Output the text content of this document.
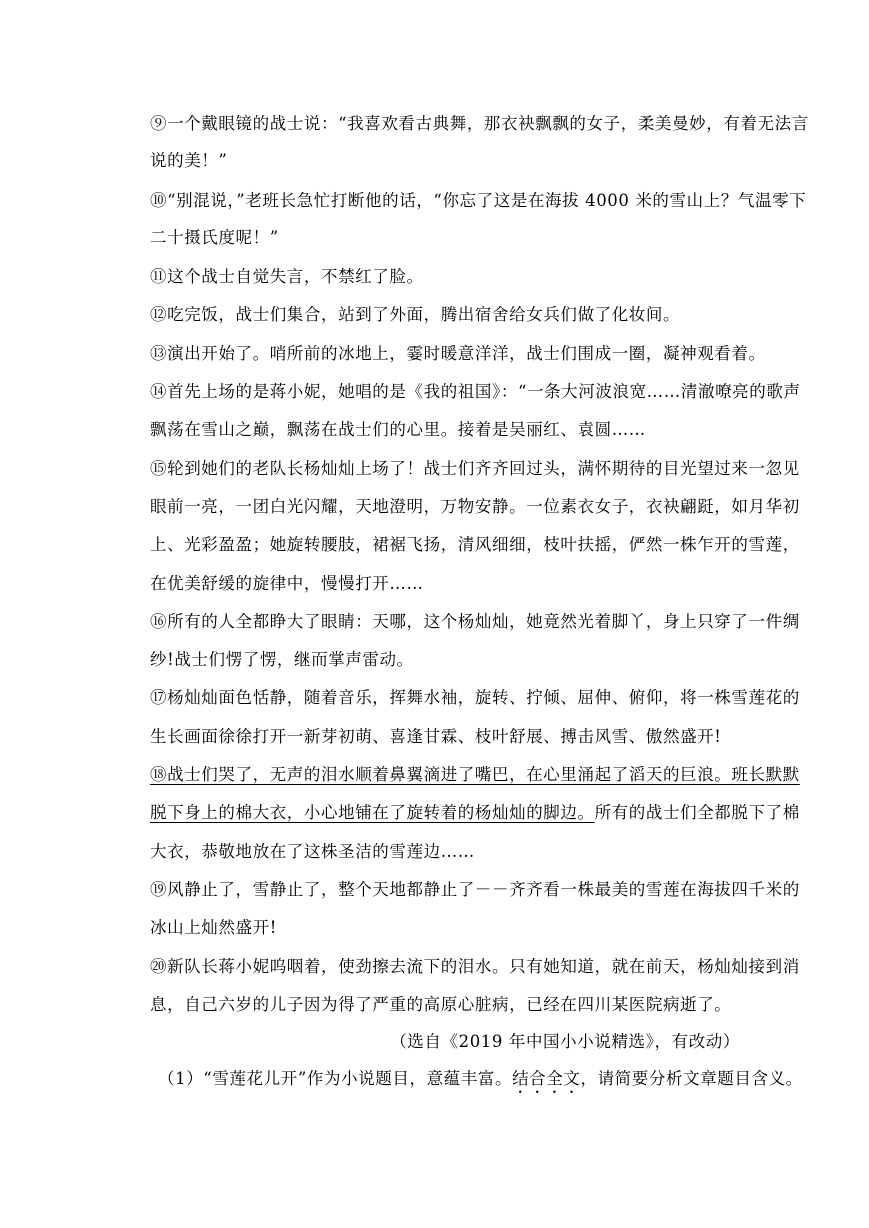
⑨一个戴眼镜的战士说：“我喜欢看古典舞，那衣袂飘飘的女子，柔美曼妙，有着无法言
说的美！”
⑩“别混说，”老班长急忙打断他的话，“你忘了这是在海拔 4000 米的雪山上？气温零下
二十摄氏度呢！”
⑪这个战士自觉失言，不禁红了脸。
⑫吃完饭，战士们集合，站到了外面，腾出宿舍给女兵们做了化妆间。
⑬演出开始了。哨所前的冰地上，霎时暖意洋洋，战士们围成一圈，凝神观看着。
⑭首先上场的是蒋小妮，她唱的是《我的祖国》：“一条大河波浪宽……清澈嘹亮的歌声
飘荡在雪山之巅，飘荡在战士们的心里。接着是吴丽红、袁圆……
⑮轮到她们的老队长杨灿灿上场了！战士们齐齐回过头，满怀期待的目光望过来一忽见
眼前一亮，一团白光闪耀，天地澄明，万物安静。一位素衣女子，衣袂翩跹，如月华初
上、光彩盈盈；她旋转腰肢，裙裾飞扬，清风细细，枝叶扶摇，俨然一株乍开的雪莲，
在优美舒缓的旋律中，慢慢打开……
⑯所有的人全都睁大了眼睛：天哪，这个杨灿灿，她竟然光着脚丫，身上只穿了一件绸
纱!战士们愣了愣，继而掌声雷动。
⑰杨灿灿面色恬静，随着音乐，挥舞水袖，旋转、拧倾、屈伸、俯仰，将一株雪莲花的
生长画面徐徐打开一新芽初萌、喜逢甘霖、枝叶舒展、搏击风雪、傲然盛开!
⑱战士们哭了，无声的泪水顺着鼻翼滴进了嘴巴，在心里涌起了滔天的巨浪。班长默默
脱下身上的棉大衣，小心地铺在了旋转着的杨灿灿的脚边。所有的战士们全都脱下了棉
大衣，恭敬地放在了这株圣洁的雪莲边……
⑲风静止了，雪静止了，整个天地都静止了－－齐齐看一株最美的雪莲在海拔四千米的
冰山上灿然盛开!
⑳新队长蒋小妮呜咽着，使劲擦去流下的泪水。只有她知道，就在前天，杨灿灿接到消
息，自己六岁的儿子因为得了严重的高原心脏病，已经在四川某医院病逝了。
（选自《2019 年中国小小说精选》，有改动）
（1）“雪莲花儿开”作为小说题目，意蕴丰富。结合全文，请简要分析文章题目含义。
